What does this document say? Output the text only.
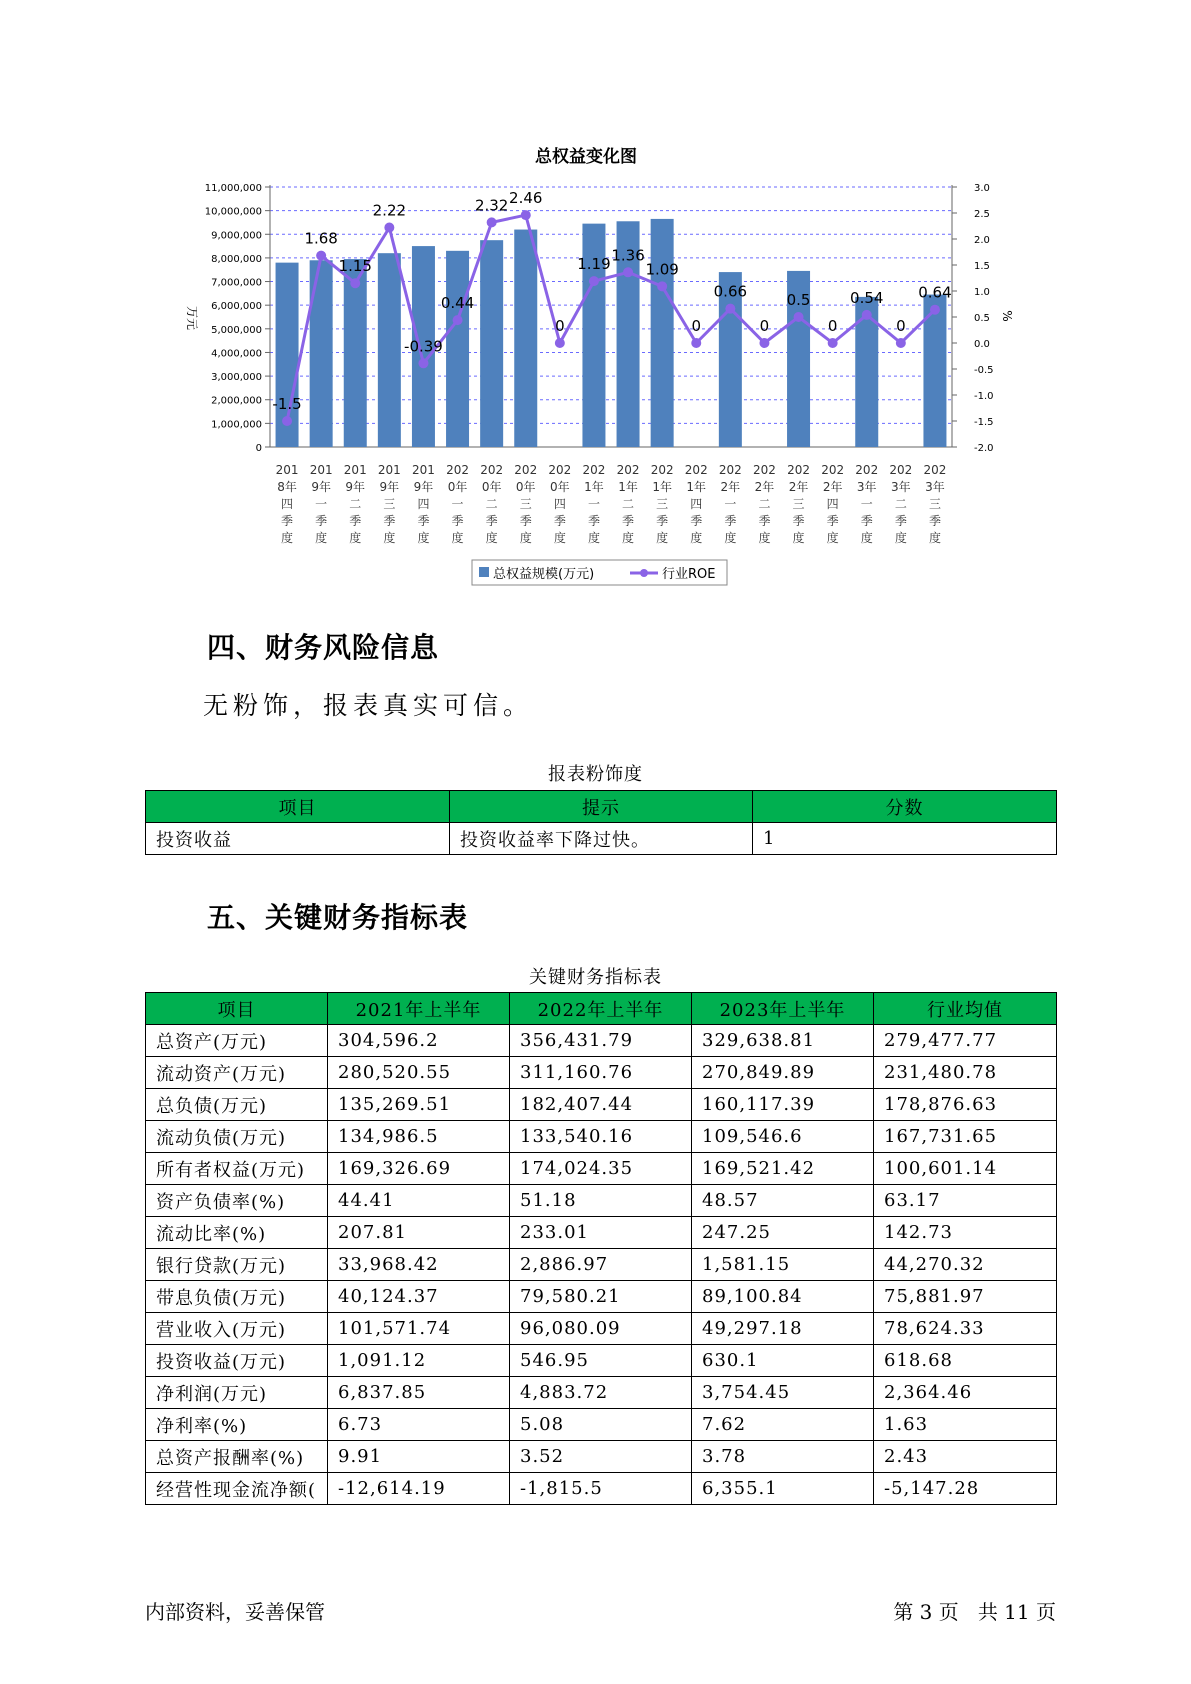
总权益变化图
11,000,000
10,000,000
9,000,000
8,000,000
7,000,000
6,000,000
5,000,000
4,000,000
3,000,000
2,000,000
1,000,000
0
3.0
2.5
2.0
1.5
1.0
0.5
0.0
-0.5
-1.0
-1.5
-2.0
万元	%
201 8年四季度
201 9年一季度
201 9年二季度
201 9年三季度
201 9年四季度
202 0年一季度
202 0年二季度
202 0年三季度
202 0年四季度
202 1年一季度
202 1年二季度
202 1年三季度
202 1年四季度
202 2年一季度
202 2年二季度
202 2年三季度
202 2年四季度
202 3年一季度
202 3年二季度
202 3年三季度
-1.5
1.68
1.15
2.22
-0.39
0.44
2.32 2.46
0
1.19 1.36
1.09
0
0.66
0
0.5
0
0.54
0
0.64
总权益规模(万元)	行业ROE
四、财务风险信息

无粉饰，报表真实可信。

报表粉饰度
项目	提示	分数
投资收益	投资收益率下降过快。	1
五、关键财务指标表
关键财务指标表
项目	2021年上半年	2022年上半年	2023年上半年	行业均值
总资产(万元)	304,596.2	356,431.79	329,638.81	279,477.77
流动资产(万元)	280,520.55	311,160.76	270,849.89	231,480.78
总负债(万元)	135,269.51	182,407.44	160,117.39	178,876.63
流动负债(万元)	134,986.5	133,540.16	109,546.6	167,731.65
所有者权益(万元)	169,326.69	174,024.35	169,521.42	100,601.14
资产负债率(%)	44.41	51.18	48.57	63.17
流动比率(%)	207.81	233.01	247.25	142.73
银行贷款(万元)	33,968.42	2,886.97	1,581.15	44,270.32
带息负债(万元)	40,124.37	79,580.21	89,100.84	75,881.97
营业收入(万元)	101,571.74	96,080.09	49,297.18	78,624.33
投资收益(万元)	1,091.12	546.95	630.1	618.68
净利润(万元)	6,837.85	4,883.72	3,754.45	2,364.46
净利率(%)	6.73	5.08	7.62	1.63
总资产报酬率(%)	9.91	3.52	3.78	2.43
经营性现金流净额(	-12,614.19	-1,815.5	6,355.1	-5,147.28
内部资料，妥善保管	第 3 页   共 11 页
